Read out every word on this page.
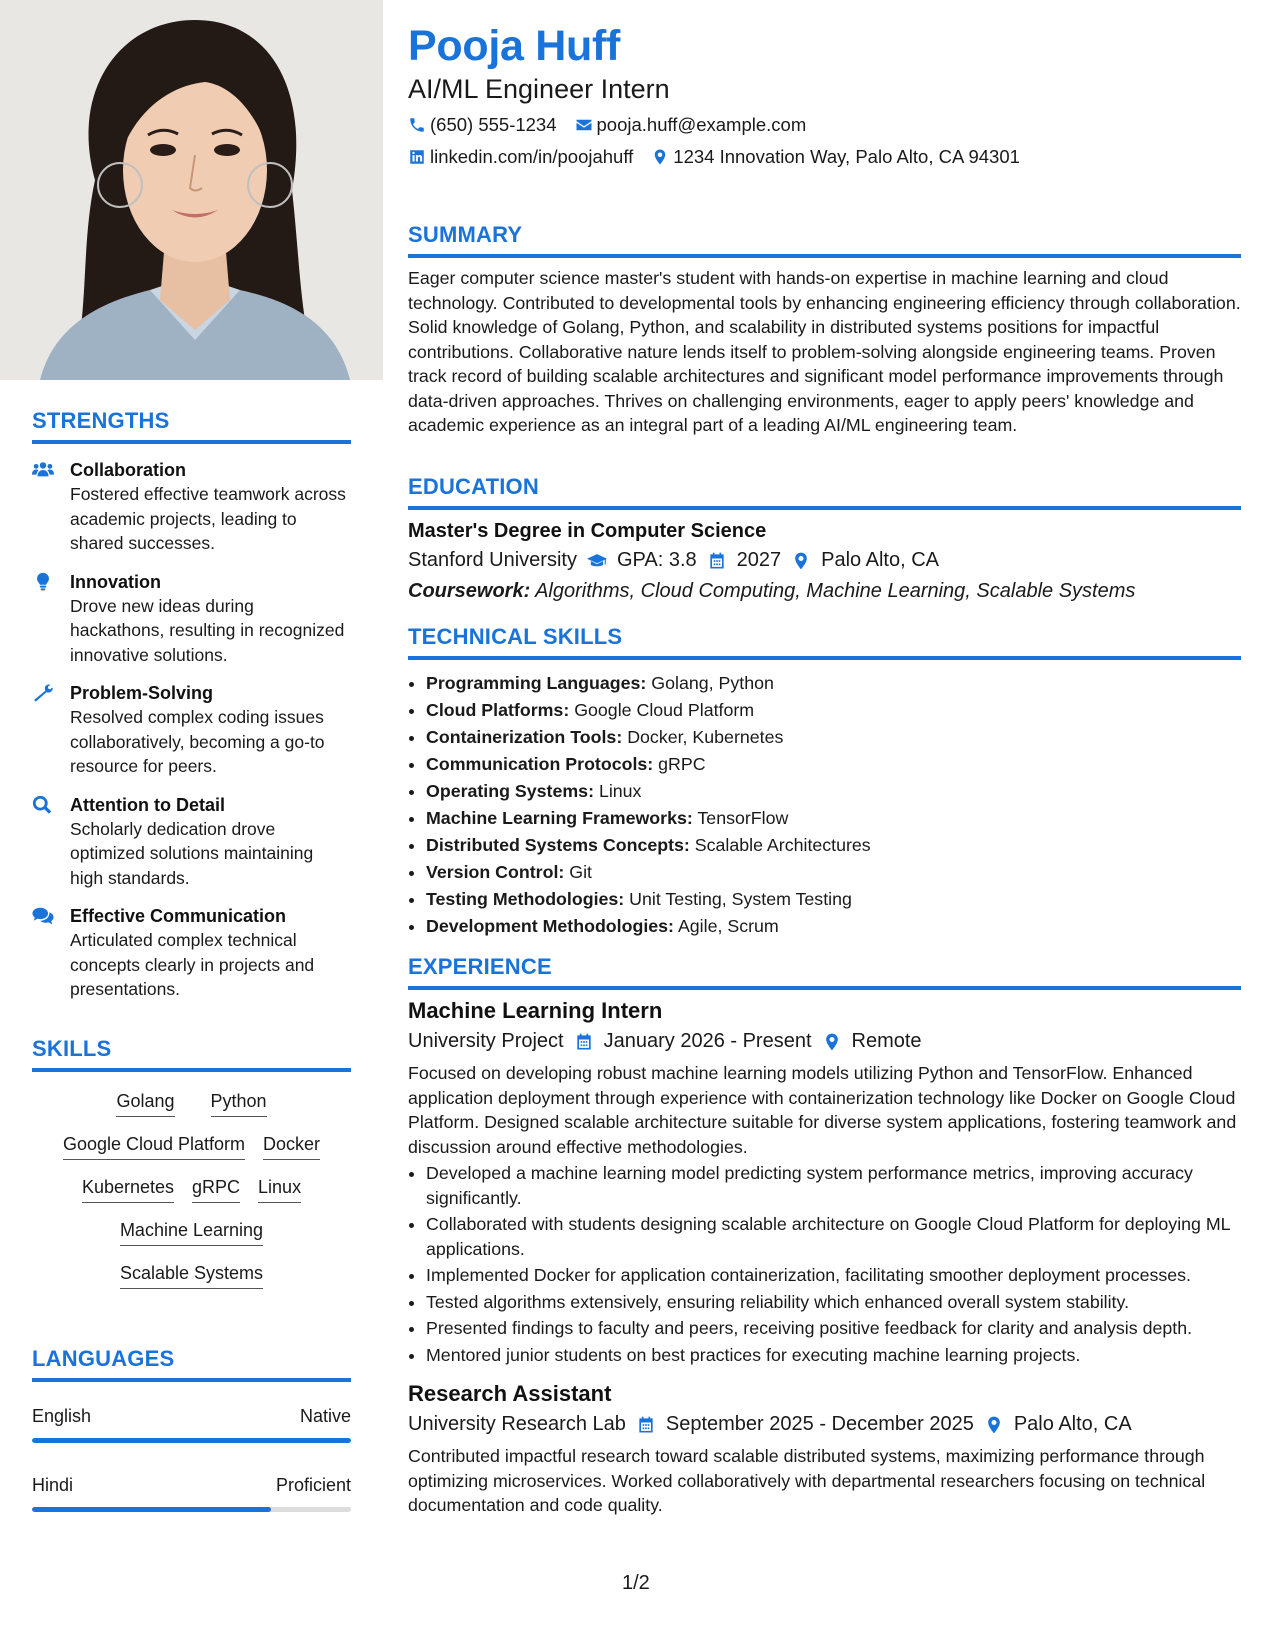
STRENGTHS
Collaboration
Fostered effective teamwork across academic projects, leading to shared successes.
Innovation
Drove new ideas during hackathons, resulting in recognized innovative solutions.
Problem-Solving
Resolved complex coding issues collaboratively, becoming a go-to resource for peers.
Attention to Detail
Scholarly dedication drove optimized solutions maintaining high standards.
Effective Communication
Articulated complex technical concepts clearly in projects and presentations.
SKILLS
Golang Python
Google Cloud Platform Docker
Kubernetes gRPC Linux
Machine Learning
Scalable Systems
LANGUAGES
English	Native
Hindi	Proficient
Pooja Huff
AI/ML Engineer Intern
(650) 555-1234 pooja.huff@example.com
linkedin.com/in/poojahuff 1234 Innovation Way, Palo Alto, CA 94301
SUMMARY
Eager computer science master's student with hands-on expertise in machine learning and cloud technology. Contributed to developmental tools by enhancing engineering efficiency through collaboration. Solid knowledge of Golang, Python, and scalability in distributed systems positions for impactful contributions. Collaborative nature lends itself to problem-solving alongside engineering teams. Proven track record of building scalable architectures and significant model performance improvements through data-driven approaches. Thrives on challenging environments, eager to apply peers' knowledge and academic experience as an integral part of a leading AI/ML engineering team.
EDUCATION
Master's Degree in Computer Science
Stanford University GPA: 3.8 2027 Palo Alto, CA
Coursework: Algorithms, Cloud Computing, Machine Learning, Scalable Systems
TECHNICAL SKILLS
• Programming Languages: Golang, Python
• Cloud Platforms: Google Cloud Platform
• Containerization Tools: Docker, Kubernetes
• Communication Protocols: gRPC
• Operating Systems: Linux
• Machine Learning Frameworks: TensorFlow
• Distributed Systems Concepts: Scalable Architectures
• Version Control: Git
• Testing Methodologies: Unit Testing, System Testing
• Development Methodologies: Agile, Scrum
EXPERIENCE
Machine Learning Intern
University Project January 2026 - Present Remote
Focused on developing robust machine learning models utilizing Python and TensorFlow. Enhanced application deployment through experience with containerization technology like Docker on Google Cloud Platform. Designed scalable architecture suitable for diverse system applications, fostering teamwork and discussion around effective methodologies.
• Developed a machine learning model predicting system performance metrics, improving accuracy significantly.
• Collaborated with students designing scalable architecture on Google Cloud Platform for deploying ML applications.
• Implemented Docker for application containerization, facilitating smoother deployment processes.
• Tested algorithms extensively, ensuring reliability which enhanced overall system stability.
• Presented findings to faculty and peers, receiving positive feedback for clarity and analysis depth.
• Mentored junior students on best practices for executing machine learning projects.
Research Assistant
University Research Lab September 2025 - December 2025 Palo Alto, CA
Contributed impactful research toward scalable distributed systems, maximizing performance through optimizing microservices. Worked collaboratively with departmental researchers focusing on technical documentation and code quality.
1/2
